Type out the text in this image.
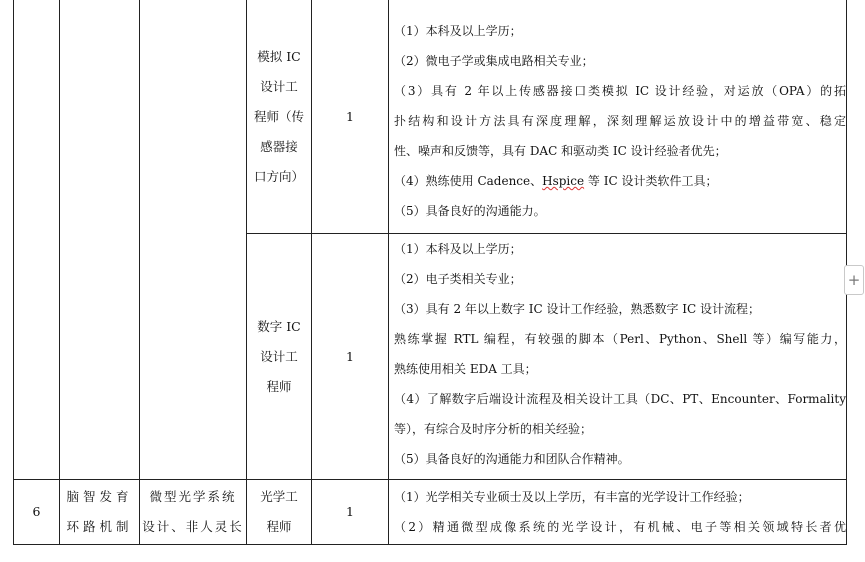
模拟 IC
设计工
程师（传
感器接
口方向）
1
（1）本科及以上学历；
（2）微电子学或集成电路相关专业；
（3）具有 2 年以上传感器接口类模拟 IC 设计经验，对运放（OPA）的拓
扑结构和设计方法具有深度理解，深刻理解运放设计中的增益带宽、稳定
性、噪声和反馈等，具有 DAC 和驱动类 IC 设计经验者优先；
（4）熟练使用 Cadence、Hspice 等 IC 设计类软件工具；
（5）具备良好的沟通能力。
数字 IC
设计工
程师
1
（1）本科及以上学历；
（2）电子类相关专业；
（3）具有 2 年以上数字 IC 设计工作经验，熟悉数字 IC 设计流程；
熟练掌握 RTL 编程，有较强的脚本（Perl、Python、Shell 等）编写能力，
熟练使用相关 EDA 工具；
（4）了解数字后端设计流程及相关设计工具（DC、PT、Encounter、Formality
等），有综合及时序分析的相关经验；
（5）具备良好的沟通能力和团队合作精神。
6
脑智发育
环路机制
微型光学系统
设计、非人灵长
光学工
程师
1
（1）光学相关专业硕士及以上学历，有丰富的光学设计工作经验；
（2）精通微型成像系统的光学设计，有机械、电子等相关领域特长者优
+
